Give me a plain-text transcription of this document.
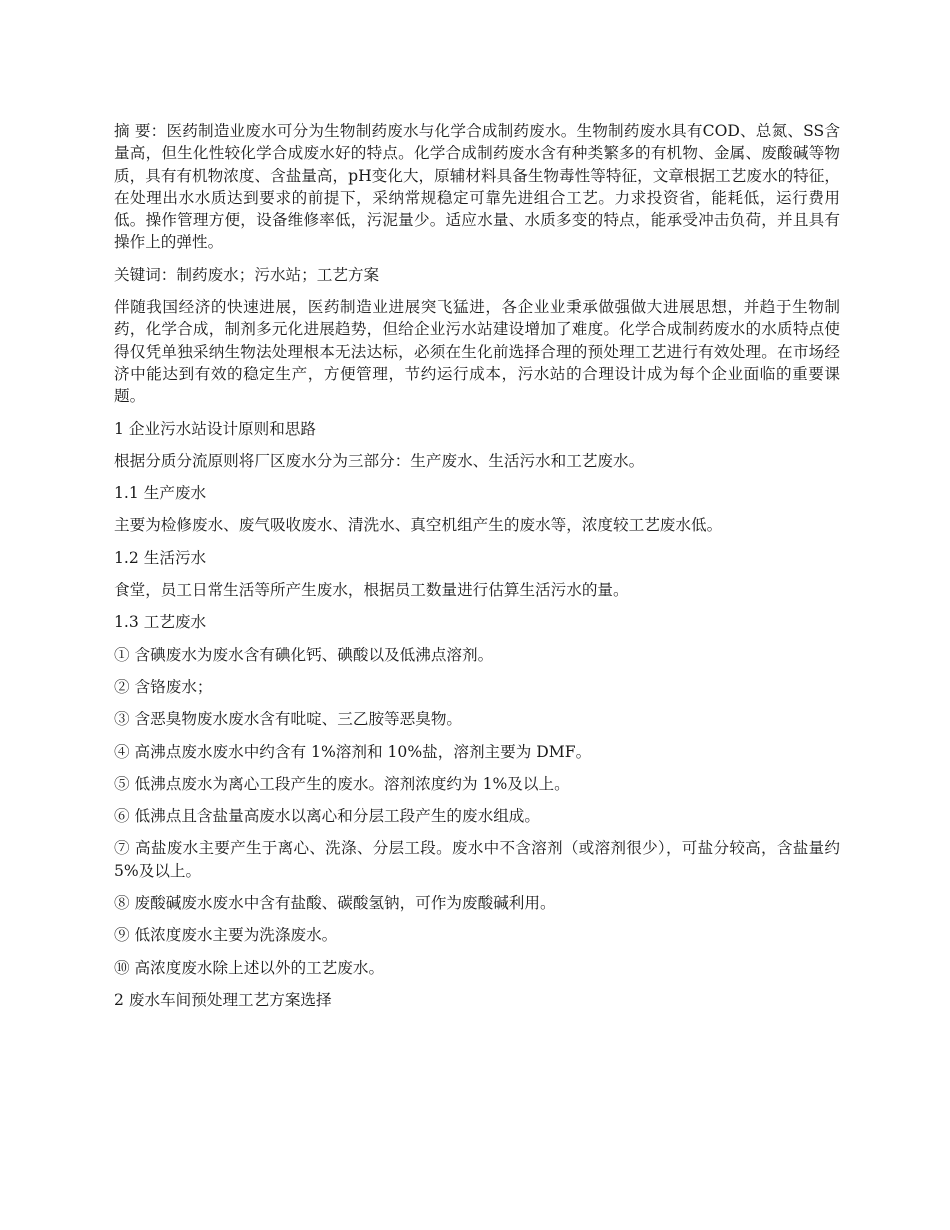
摘 要：医药制造业废水可分为生物制药废水与化学合成制药废水。生物制药废水具有COD、总氮、SS含量高，但生化性较化学合成废水好的特点。化学合成制药废水含有种类繁多的有机物、金属、废酸碱等物质，具有有机物浓度、含盐量高，pH变化大，原辅材料具备生物毒性等特征，文章根据工艺废水的特征，在处理出水水质达到要求的前提下，采纳常规稳定可靠先进组合工艺。力求投资省，能耗低，运行费用低。操作管理方便，设备维修率低，污泥量少。适应水量、水质多变的特点，能承受冲击负荷，并且具有操作上的弹性。

关键词：制药废水；污水站；工艺方案

伴随我国经济的快速进展，医药制造业进展突飞猛进，各企业业秉承做强做大进展思想，并趋于生物制药，化学合成，制剂多元化进展趋势，但给企业污水站建设增加了难度。化学合成制药废水的水质特点使得仅凭单独采纳生物法处理根本无法达标，必须在生化前选择合理的预处理工艺进行有效处理。在市场经济中能达到有效的稳定生产，方便管理，节约运行成本，污水站的合理设计成为每个企业面临的重要课题。

1 企业污水站设计原则和思路

根据分质分流原则将厂区废水分为三部分：生产废水、生活污水和工艺废水。

1.1 生产废水

主要为检修废水、废气吸收废水、清洗水、真空机组产生的废水等，浓度较工艺废水低。

1.2 生活污水

食堂，员工日常生活等所产生废水，根据员工数量进行估算生活污水的量。

1.3 工艺废水

① 含碘废水为废水含有碘化钙、碘酸以及低沸点溶剂。

② 含铬废水；

③ 含恶臭物废水废水含有吡啶、三乙胺等恶臭物。

④ 高沸点废水废水中约含有 1%溶剂和 10%盐，溶剂主要为 DMF。

⑤ 低沸点废水为离心工段产生的废水。溶剂浓度约为 1%及以上。

⑥ 低沸点且含盐量高废水以离心和分层工段产生的废水组成。

⑦ 高盐废水主要产生于离心、洗涤、分层工段。废水中不含溶剂（或溶剂很少），可盐分较高，含盐量约 5%及以上。

⑧ 废酸碱废水废水中含有盐酸、碳酸氢钠，可作为废酸碱利用。

⑨ 低浓度废水主要为洗涤废水。

⑩ 高浓度废水除上述以外的工艺废水。

2 废水车间预处理工艺方案选择
